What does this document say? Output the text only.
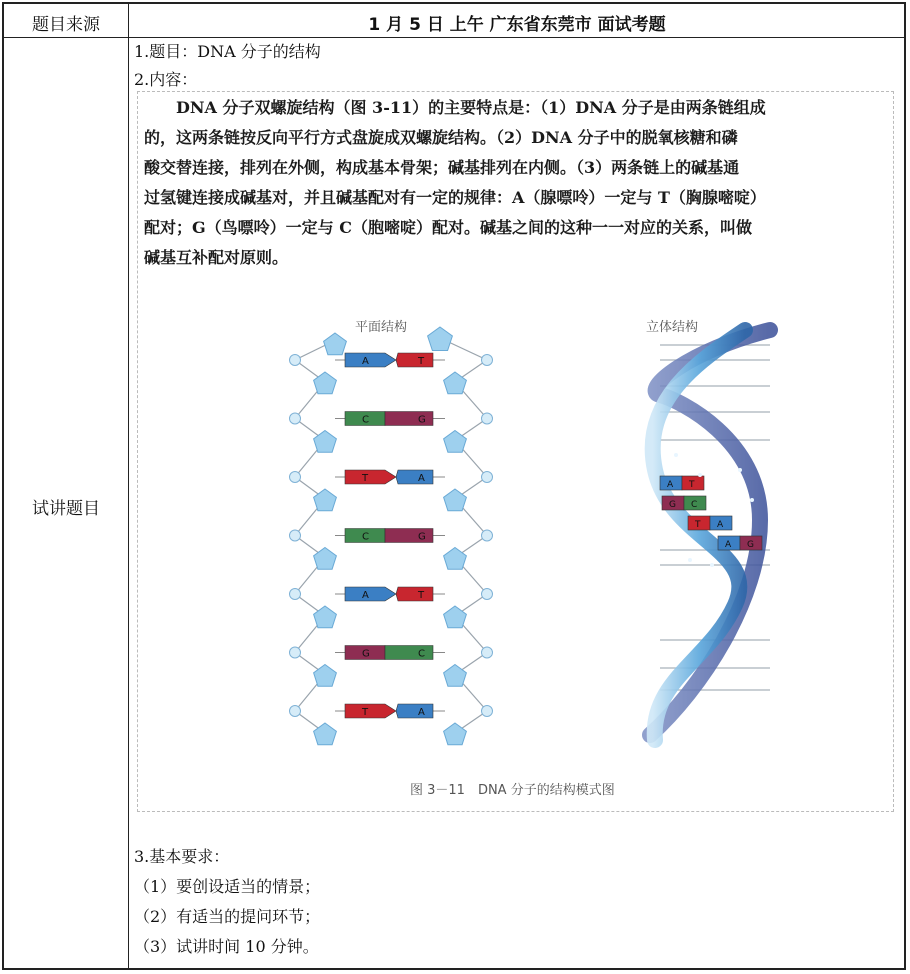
题目来源	1 月 5 日 上午 广东省东莞市 面试考题
试讲题目
1.题目：DNA 分子的结构
2.内容：

　　DNA 分子双螺旋结构（图 3-11）的主要特点是：（1）DNA 分子是由两条链组成

的，这两条链按反向平行方式盘旋成双螺旋结构。（2）DNA 分子中的脱氧核糖和磷

酸交替连接，排列在外侧，构成基本骨架；碱基排列在内侧。（3）两条链上的碱基通

过氢键连接成碱基对，并且碱基配对有一定的规律：A（腺嘌呤）一定与 T（胸腺嘧啶）

配对；G（鸟嘌呤）一定与 C（胞嘧啶）配对。碱基之间的这种一一对应的关系，叫做

碱基互补配对原则。

平面结构	立体结构
图 3－11　DNA 分子的结构模式图
A	T
C	G
T	A
C	G
A	T
G	C
T	A
A T
G C
T A
A G
3.基本要求：
（1）要创设适当的情景；
（2）有适当的提问环节；
（3）试讲时间 10 分钟。
